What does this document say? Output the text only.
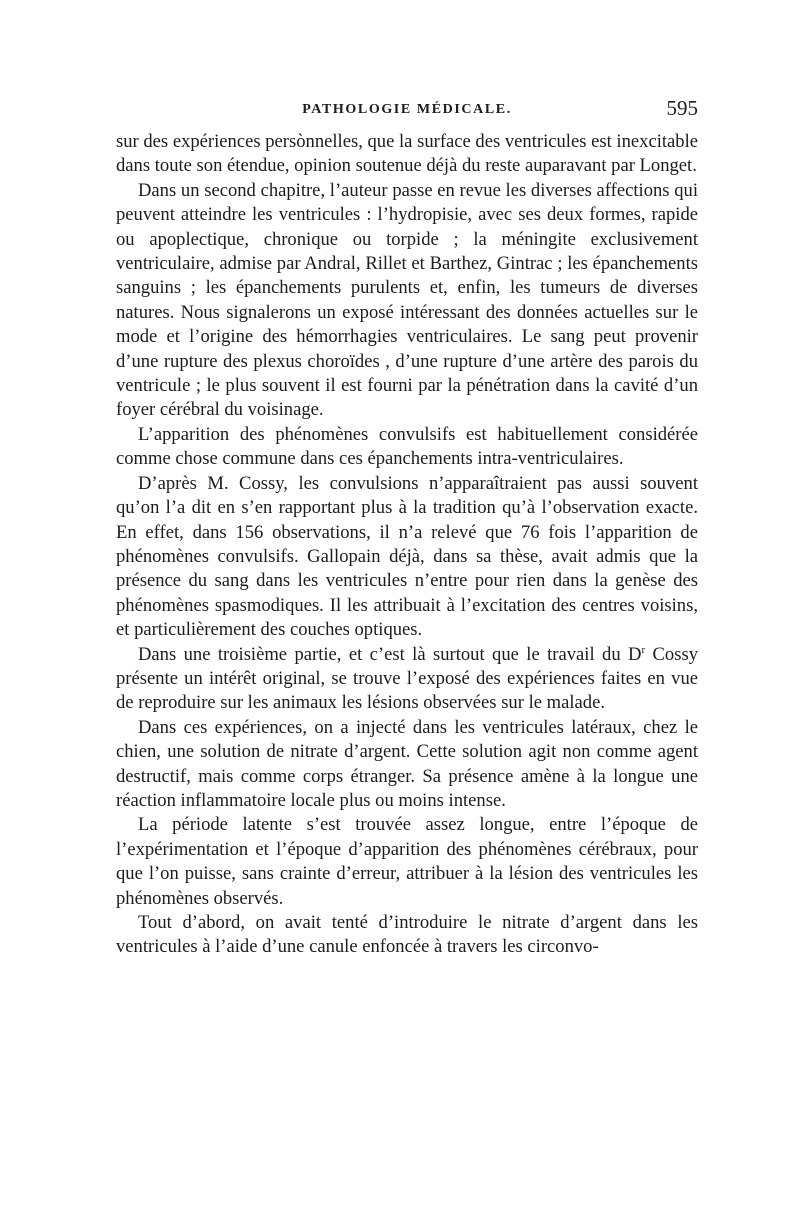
PATHOLOGIE MÉDICALE.	595

sur des expériences persònnelles, que la surface des ventricules est inexcitable dans toute son étendue, opinion soutenue déjà du reste auparavant par Longet.

Dans un second chapitre, l’auteur passe en revue les diverses affections qui peuvent atteindre les ventricules : l’hydropisie, avec ses deux formes, rapide ou apoplectique, chronique ou torpide ; la méningite exclusivement ventriculaire, admise par Andral, Rillet et Barthez, Gintrac ; les épanchements sanguins ; les épanchements purulents et, enfin, les tumeurs de diverses natures. Nous signalerons un exposé intéressant des données actuelles sur le mode et l’origine des hémorrhagies ventriculaires. Le sang peut provenir d’une rupture des plexus choroïdes , d’une rupture d’une artère des parois du ventricule ; le plus souvent il est fourni par la pénétration dans la cavité d’un foyer cérébral du voisinage.

L’apparition des phénomènes convulsifs est habituellement considérée comme chose commune dans ces épanchements intra-ventriculaires.

D’après M. Cossy, les convulsions n’apparaîtraient pas aussi souvent qu’on l’a dit en s’en rapportant plus à la tradition qu’à l’observation exacte. En effet, dans 156 observations, il n’a relevé que 76 fois l’apparition de phénomènes convulsifs. Gallopain déjà, dans sa thèse, avait admis que la présence du sang dans les ventricules n’entre pour rien dans la genèse des phénomènes spasmodiques. Il les attribuait à l’excitation des centres voisins, et particulièrement des couches optiques.

Dans une troisième partie, et c’est là surtout que le travail du $D^r$ Cossy présente un intérêt original, se trouve l’exposé des expériences faites en vue de reproduire sur les animaux les lésions observées sur le malade.

Dans ces expériences, on a injecté dans les ventricules latéraux, chez le chien, une solution de nitrate d’argent. Cette solution agit non comme agent destructif, mais comme corps étranger. Sa présence amène à la longue une réaction inflammatoire locale plus ou moins intense.

La période latente s’est trouvée assez longue, entre l’époque de l’expérimentation et l’époque d’apparition des phénomènes cérébraux, pour que l’on puisse, sans crainte d’erreur, attribuer à la lésion des ventricules les phénomènes observés.

Tout d’abord, on avait tenté d’introduire le nitrate d’argent dans les ventricules à l’aide d’une canule enfoncée à travers les circonvo-
